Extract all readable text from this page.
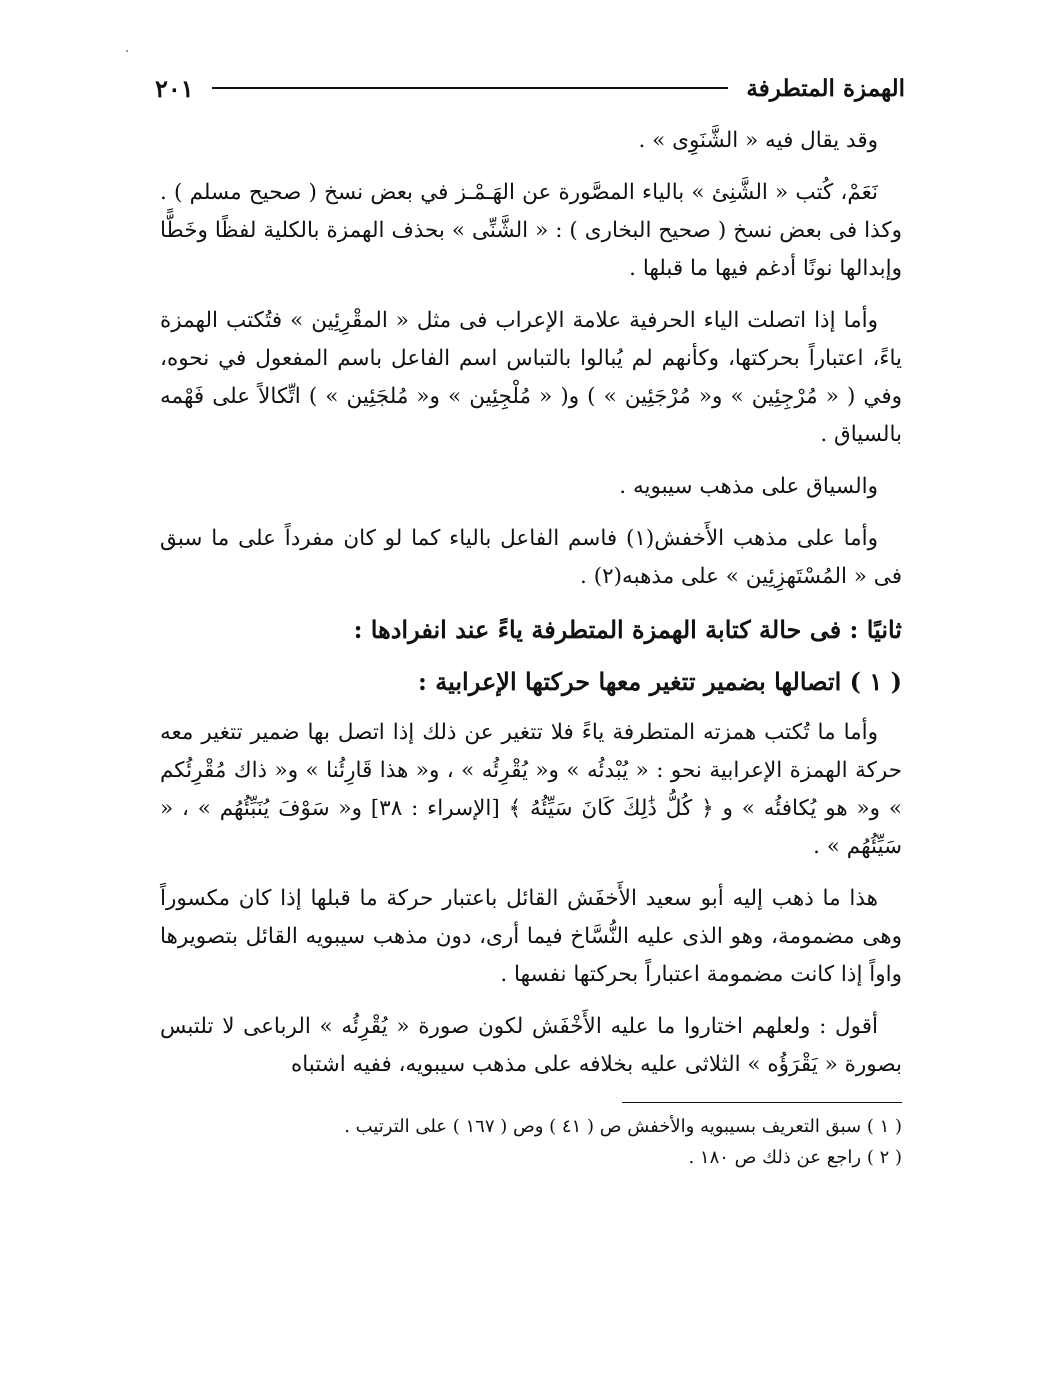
الهمزة المتطرفة
٢٠١

وقد يقال فيه « الشَّنَوِى » .

نَعَمْ، كُتب « الشَّنِئ » بالياء المصَّورة عن الهَـمْـز في بعض نسخ ( صحيح مسلم ) . وكذا فى بعض نسخ ( صحيح البخارى ) : « الشَّنِّى » بحذف الهمزة بالكلية لفظًا وخَطًّا وإبدالها نونًا أدغم فيها ما قبلها .

وأما إذا اتصلت الياء الحرفية علامة الإعراب فى مثل « المقْرِئِين » فتُكتب الهمزة ياءً، اعتباراً بحركتها، وكأنهم لم يُبالوا بالتباس اسم الفاعل باسم المفعول في نحوه، وفي ( « مُرْجِئِين » و« مُرْجَئِين » ) و( « مُلْجِئِين » و« مُلجَئِين » ) اتِّكالاً على فَهْمه بالسياق .

والسياق على مذهب سيبويه .

وأما على مذهب الأَخفش(١) فاسم الفاعل بالياء كما لو كان مفرداً على ما سبق فى « المُسْتَهزِئِين » على مذهبه(٢) .

ثانيًا : فى حالة كتابة الهمزة المتطرفة ياءً عند انفرادها :
( ١ ) اتصالها بضمير تتغير معها حركتها الإعرابية :

وأما ما تُكتب همزته المتطرفة ياءً فلا تتغير عن ذلك إذا اتصل بها ضمير تتغير معه حركة الهمزة الإعرابية نحو : « يُبْدئُه » و« يُقْرِئُه » ، و« هذا قَارِئُنا » و« ذاك مُقْرِئُكم » و« هو يُكافئُه » و ﴿ كُلُّ ذَٰلِكَ كَانَ سَيِّئُهُ ﴾ [الإسراء : ٣٨] و« سَوْفَ يُنَبِّئُهُم » ، « سَيِّئُهُم » .

هذا ما ذهب إليه أبو سعيد الأَخفَش القائل باعتبار حركة ما قبلها إذا كان مكسوراً وهى مضمومة، وهو الذى عليه النُّسَّاخ فيما أرى، دون مذهب سيبويه القائل بتصويرها واواً إذا كانت مضمومة اعتباراً بحركتها نفسها .

أقول : ولعلهم اختاروا ما عليه الأَخْفَش لكون صورة « يُقْرِئُه » الرباعى لا تلتبس بصورة « يَقْرَؤُه » الثلاثى عليه بخلافه على مذهب سيبويه، ففيه اشتباه

( ١ ) سبق التعريف بسيبويه والأخفش ص ( ٤١ ) وص ( ١٦٧ ) على الترتيب .

( ٢ ) راجع عن ذلك ص ١٨٠ .
